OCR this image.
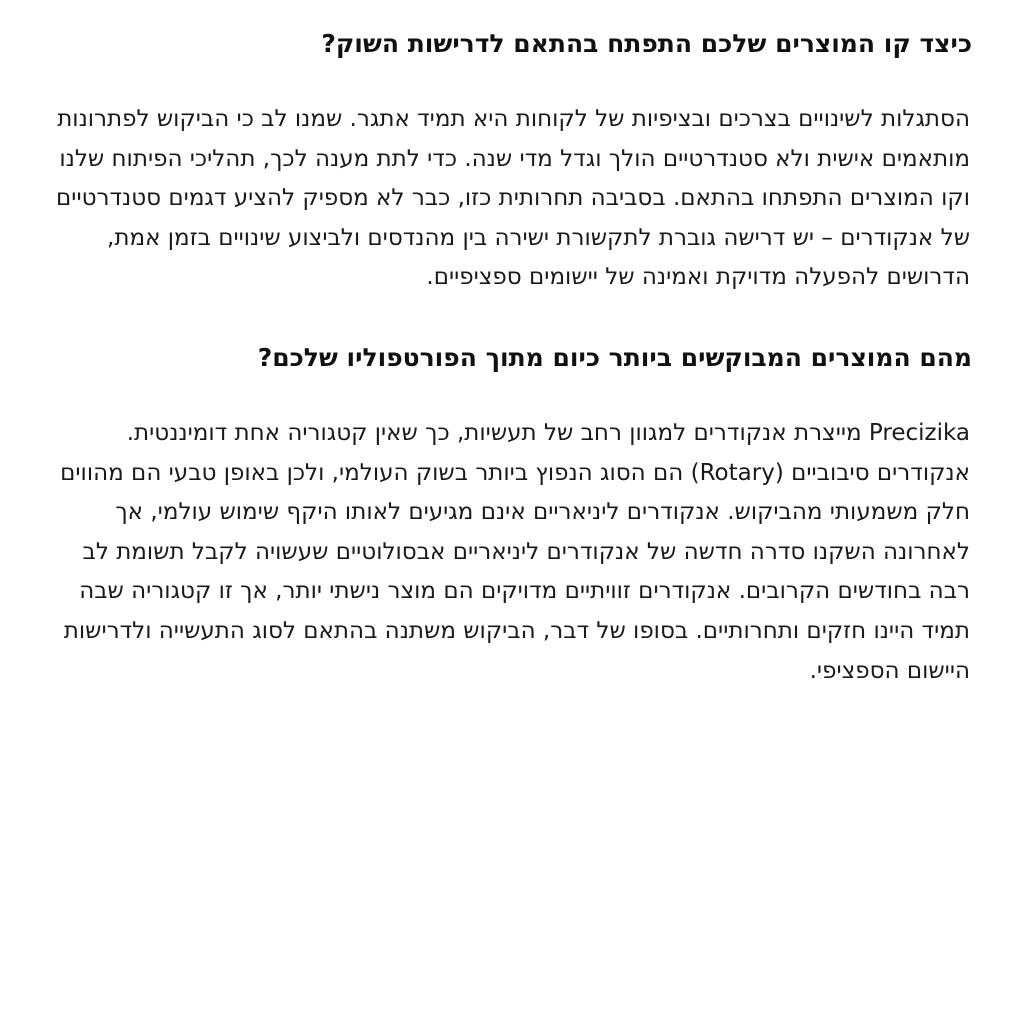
כיצד קו המוצרים שלכם התפתח בהתאם לדרישות השוק?

הסתגלות לשינויים בצרכים ובציפיות של לקוחות היא תמיד אתגר. שמנו לב כי הביקוש לפתרונות מותאמים אישית ולא סטנדרטיים הולך וגדל מדי שנה. כדי לתת מענה לכך, תהליכי הפיתוח שלנו וקו המוצרים התפתחו בהתאם. בסביבה תחרותית כזו, כבר לא מספיק להציע דגמים סטנדרטיים של אנקודרים – יש דרישה גוברת לתקשורת ישירה בין מהנדסים ולביצוע שינויים בזמן אמת, הדרושים להפעלה מדויקת ואמינה של יישומים ספציפיים.

מהם המוצרים המבוקשים ביותר כיום מתוך הפורטפוליו שלכם?

Precizika מייצרת אנקודרים למגוון רחב של תעשיות, כך שאין קטגוריה אחת דומיננטית. אנקודרים סיבוביים (Rotary) הם הסוג הנפוץ ביותר בשוק העולמי, ולכן באופן טבעי הם מהווים חלק משמעותי מהביקוש. אנקודרים ליניאריים אינם מגיעים לאותו היקף שימוש עולמי, אך לאחרונה השקנו סדרה חדשה של אנקודרים ליניאריים אבסולוטיים שעשויה לקבל תשומת לב רבה בחודשים הקרובים. אנקודרים זוויתיים מדויקים הם מוצר נישתי יותר, אך זו קטגוריה שבה תמיד היינו חזקים ותחרותיים. בסופו של דבר, הביקוש משתנה בהתאם לסוג התעשייה ולדרישות היישום הספציפי.
